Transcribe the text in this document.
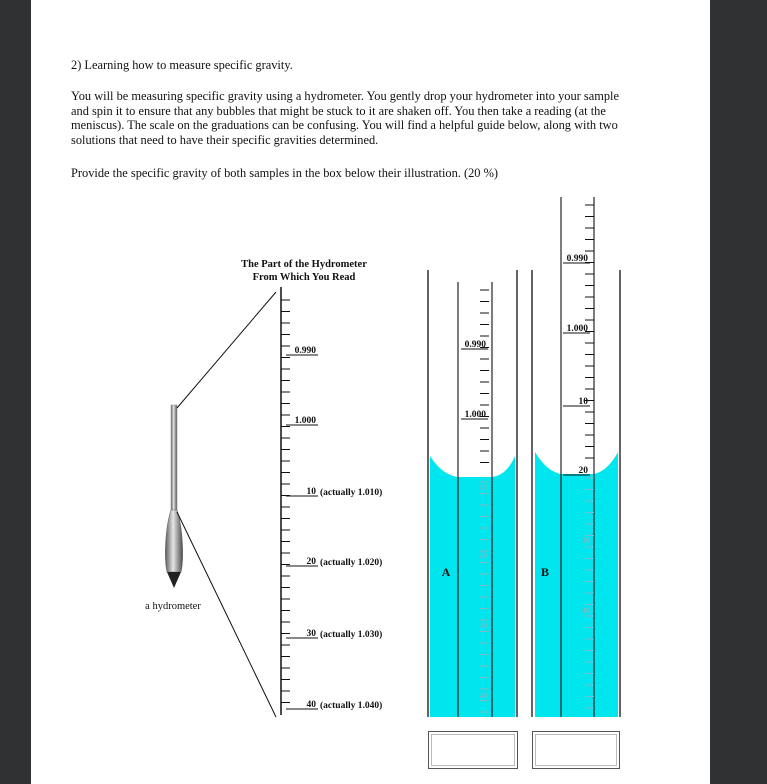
2) Learning how to measure specific gravity.
You will be measuring specific gravity using a hydrometer. You gently drop your hydrometer into your sample
and spin it to ensure that any bubbles that might be stuck to it are shaken off. You then take a reading (at the
meniscus). The scale on the graduations can be confusing. You will find a helpful guide below, along with two
solutions that need to have their specific gravities determined.
Provide the specific gravity of both samples in the box below their illustration. (20 %)
a hydrometer
The Part of the Hydrometer
From Which You Read
0.990
1.000
10 (actually 1.010)
20 (actually 1.020)
30 (actually 1.030)
40 (actually 1.040)
0.990
1.000
10
20
30
40
A
0.990
1.000
10
20
30
40
B
